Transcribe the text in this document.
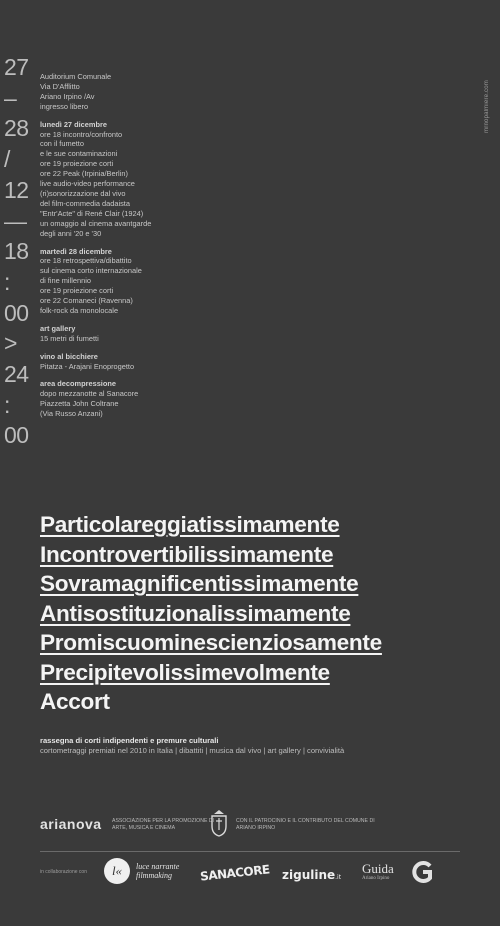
27
–
28
/
12
—
18
:
00
>
24
:
00
mrnopalmiere.com

Auditorium Comunale

Via D'Afflitto

Ariano Irpino /Av

ingresso libero

lunedì 27 dicembre

ore 18 incontro/confronto

con il fumetto

e le sue contaminazioni

ore 19 proiezione corti

ore 22 Peak (Irpinia/Berlin)

live audio-video performance

(ri)sonorizzazione dal vivo

del film-commedia dadaista

"Entr'Acte" di René Clair (1924)

un omaggio al cinema avantgarde

degli anni '20 e '30

martedì 28 dicembre

ore 18 retrospettiva/dibattito

sul cinema corto internazionale

di fine millennio

ore 19 proiezione corti

ore 22 Comaneci (Ravenna)

folk-rock da monolocale

art gallery

15 metri di fumetti

vino al bicchiere

Pitatza - Arajani Enoprogetto

area decompressione

dopo mezzanotte al Sanacore

Piazzetta John Coltrane

(Via Russo Anzani)

Particolareggiatissimamente
Incontrovertibilissimamente
Sovramagnificentissimamente
Antisostituzionalissimamente
Promiscuominescienziosamente
Precipitevolissimevolmente
Accort
rassegna di corti indipendenti e premure culturali
cortometraggi premiati nel 2010 in Italia | dibattiti | musica dal vivo | art gallery | convivialità
arianova ASSOCIAZIONE PER LA PROMOZIONE DI ARTE, MUSICA E CINEMA
CON IL PATROCINIO E IL CONTRIBUTO DEL COMUNE DI ARIANO IRPINO
in collaborazione con	l«	luce narrante
filmmaking	SANACORE ziguline.it
Guida
Ariano Irpino
